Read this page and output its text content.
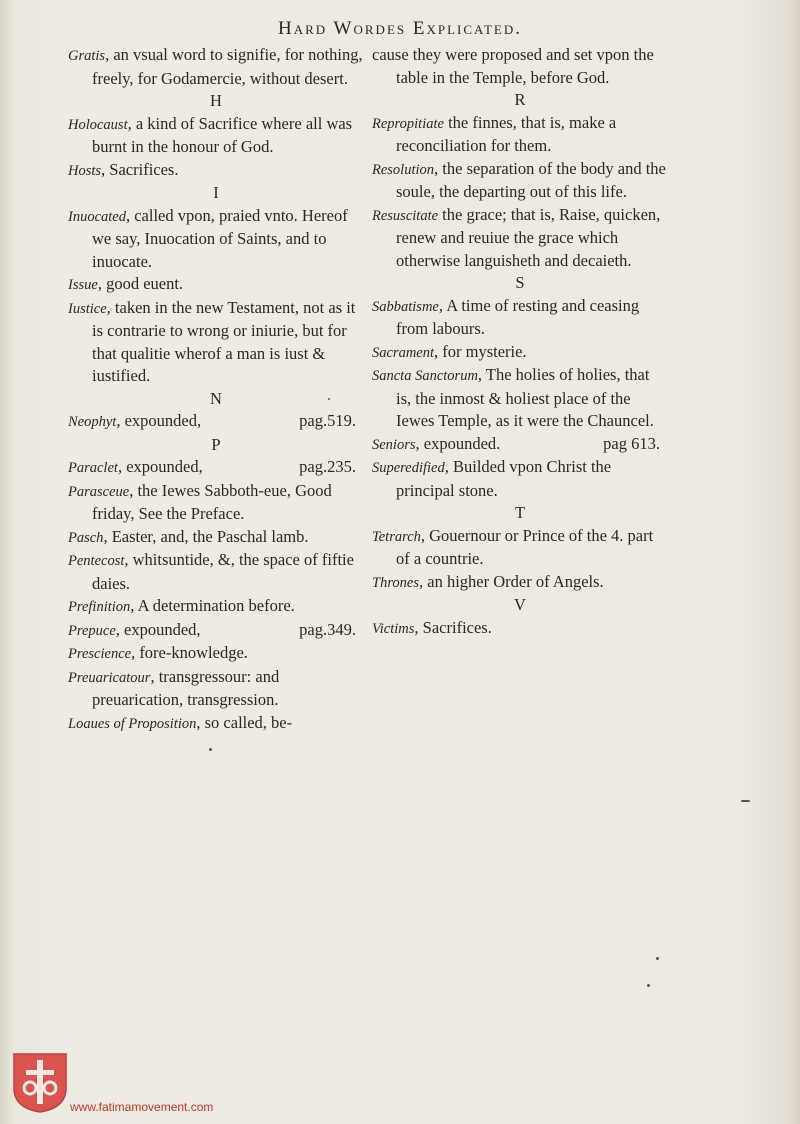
Hard Wordes Explicated.
Gratis, an vsual word to signifie, for nothing, freely, for Godamercie, without desert.
H
Holocaust, a kind of Sacrifice where all was burnt in the honour of God.
Hosts, Sacrifices.
I
Inuocated, called vpon, praied vnto. Hereof we say, Inuocation of Saints, and to inuocate.
Issue, good euent.
Iustice, taken in the new Testament, not as it is contrarie to wrong or iniurie, but for that qualitie wherof a man is iust & iustified.
N
pag.519.
Neophyt, expounded,
P
pag.235.
Paraclet, expounded,
Parasceue, the Iewes Sabboth-eue, Good friday, See the Preface.
Pasch, Easter, and, the Paschal lamb.
Pentecost, whitsuntide, &, the space of fiftie daies.
Prefinition, A determination before.
pag.349.
Prepuce, expounded,
Prescience, fore-knowledge.
Preuaricatour, transgressour: and preuarication, transgression.
Loaues of Proposition, so called, be-
cause they were proposed and set vpon the table in the Temple, before God.
R
Repropitiate the finnes, that is, make a reconciliation for them.
Resolution, the separation of the body and the soule, the departing out of this life.
Resuscitate the grace; that is, Raise, quicken, renew and reuiue the grace which otherwise languisheth and decaieth.
S
Sabbatisme, A time of resting and ceasing from labours.
Sacrament, for mysterie.
Sancta Sanctorum, The holies of holies, that is, the inmost & holiest place of the Iewes Temple, as it were the Chauncel.
pag 613.
Seniors, expounded.
Superedified, Builded vpon Christ the principal stone.
T
Tetrarch, Gouernour or Prince of the 4. part of a countrie.
Thrones, an higher Order of Angels.
V
Victims, Sacrifices.
www.fatimamovement.com
